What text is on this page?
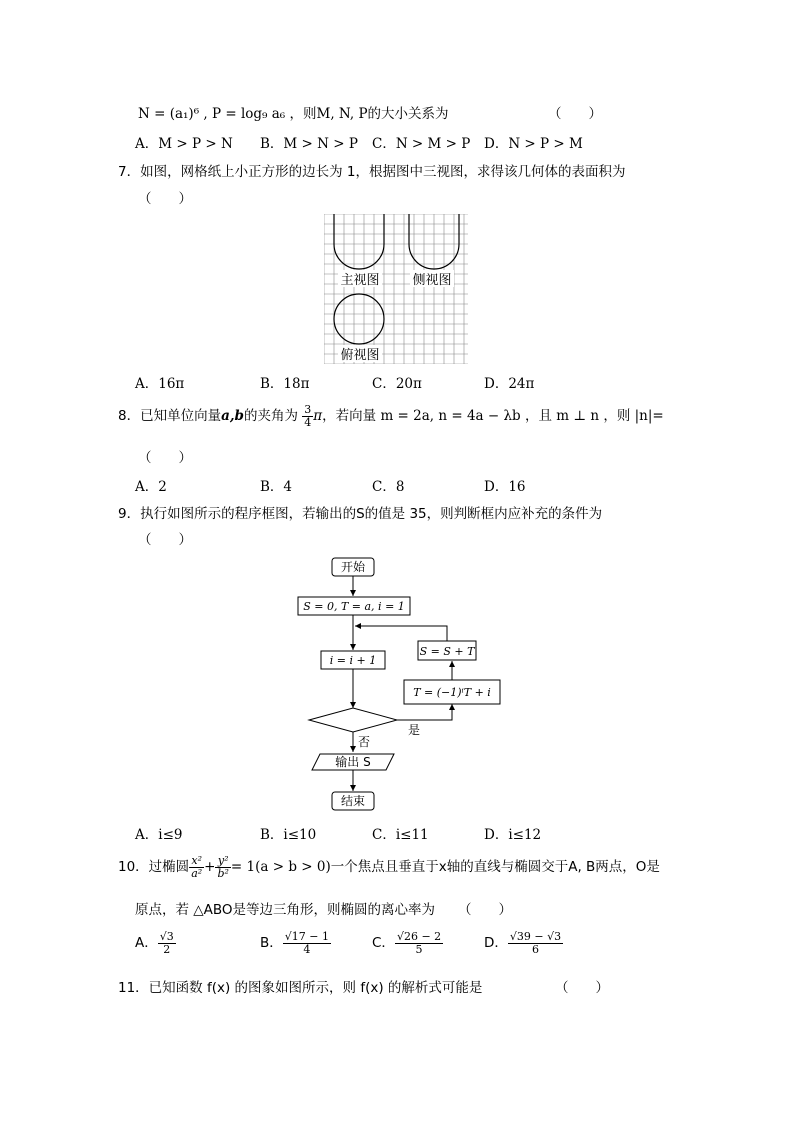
N = (a₁)⁶ , P = log₉ a₆ ，则M, N, P的大小关系为	（　　）
A．M > P > N B．M > N > P C．N > M > P D．N > P > M
7．如图，网格纸上小正方形的边长为 1，根据图中三视图，求得该几何体的表面积为
（　　）
主视图	侧视图
俯视图
A．16π	B．18π	C．20π	D．24π
8．已知单位向量a,b的夹角为 $\frac{3}{4}$ π，若向量 m = 2a, n = 4a − λb ，且 m ⊥ n ，则 |n|=
（　　）
A．2	B．4	C．8	D．16
9．执行如图所示的程序框图，若输出的S的值是 35，则判断框内应补充的条件为
（　　）
开始
S = 0, T = a, i = 1
i = i + 1
S = S + T
T = (−1)ⁱT + i
是
否
输出 S
结束
A．i≤9	B．i≤10	C．i≤11	D．i≤12
10．过椭圆 $\frac{\text{x²}}{\text{a²}} + \frac{\text{y²}}{\text{b²}} = 1(a > b > 0)$一个焦点且垂直于x轴的直线与椭圆交于A, B两点，O是
原点，若 △ABO是等边三角形，则椭圆的离心率为 （　　）
A． $\frac{√3}{2}$	B． $\frac{√17 - 1}{4}$	C． $\frac{√26 - 2}{5}$	D． $\frac{√39 - √3}{6}$
11．已知函数 f(x) 的图象如图所示，则 f(x) 的解析式可能是	（　　）
